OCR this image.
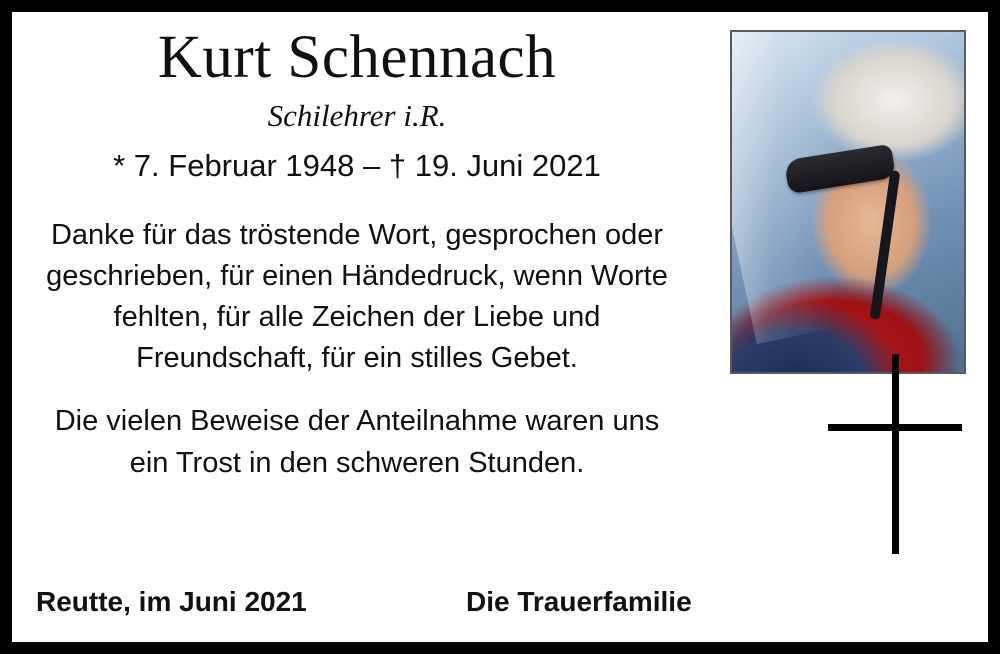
Kurt Schennach
Schilehrer i.R.
* 7. Februar 1948 – † 19. Juni 2021
Danke für das tröstende Wort, gesprochen oder geschrieben, für einen Händedruck, wenn Worte fehlten, für alle Zeichen der Liebe und Freundschaft, für ein stilles Gebet.
Die vielen Beweise der Anteilnahme waren uns ein Trost in den schweren Stunden.
Reutte, im Juni 2021	Die Trauerfamilie
